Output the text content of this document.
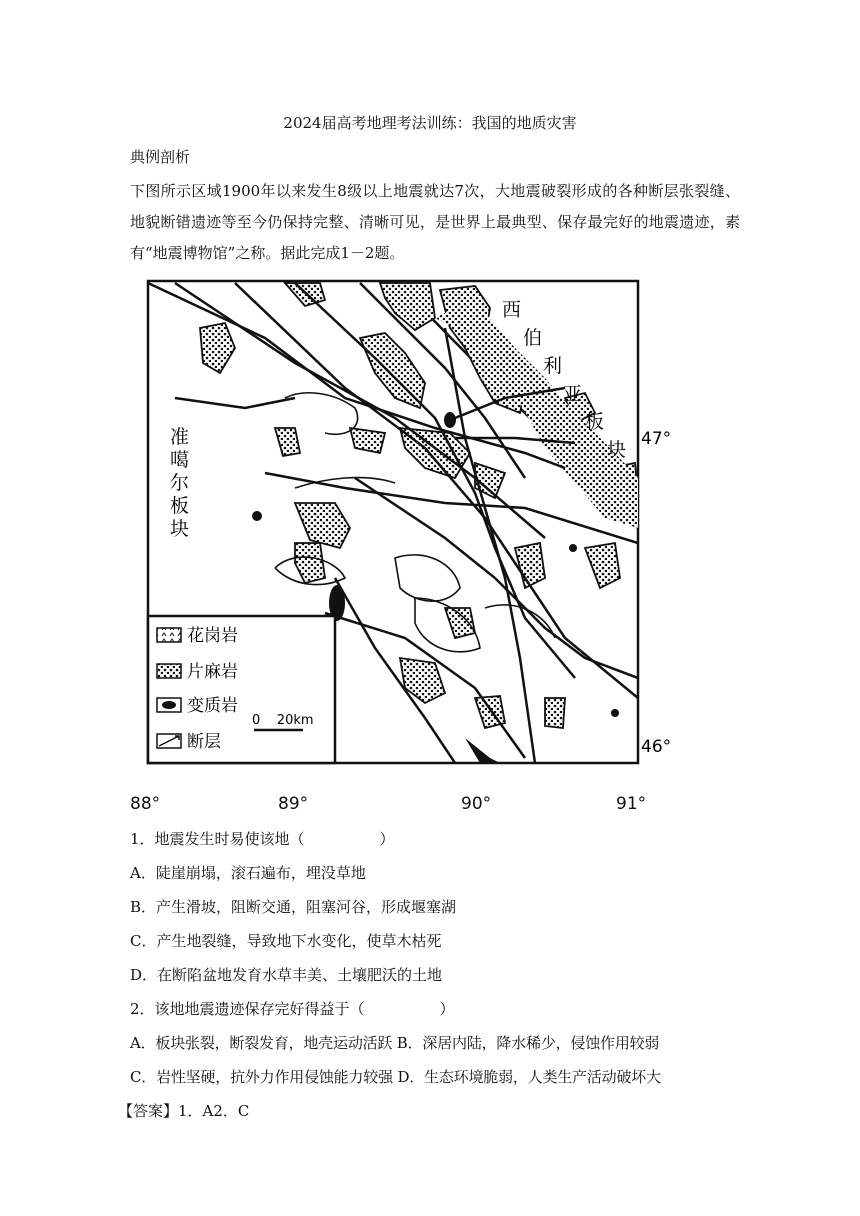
2024届高考地理考法训练：我国的地质灾害
典例剖析
下图所示区域1900年以来发生8级以上地震就达7次，大地震破裂形成的各种断层张裂缝、地貌断错遗迹等至今仍保持完整、清晰可见，是世界上最典型、保存最完好的地震遗迹，素有“地震博物馆”之称。据此完成1－2题。
花岗岩
片麻岩
变质岩
断层
0    20km
准
噶
尔
板
块
西
伯
利
亚
板
块 47°
46°
88°	89°	90°	91°
1．地震发生时易使该地（　　　　　）
A．陡崖崩塌，滚石遍布，埋没草地
B．产生滑坡，阻断交通，阻塞河谷，形成堰塞湖
C．产生地裂缝，导致地下水变化，使草木枯死
D．在断陷盆地发育水草丰美、土壤肥沃的土地
2．该地地震遗迹保存完好得益于（　　　　　）
A．板块张裂，断裂发育，地壳运动活跃 B．深居内陆，降水稀少，侵蚀作用较弱
C．岩性坚硬，抗外力作用侵蚀能力较强 D．生态环境脆弱，人类生产活动破坏大
【答案】1．A2．C
